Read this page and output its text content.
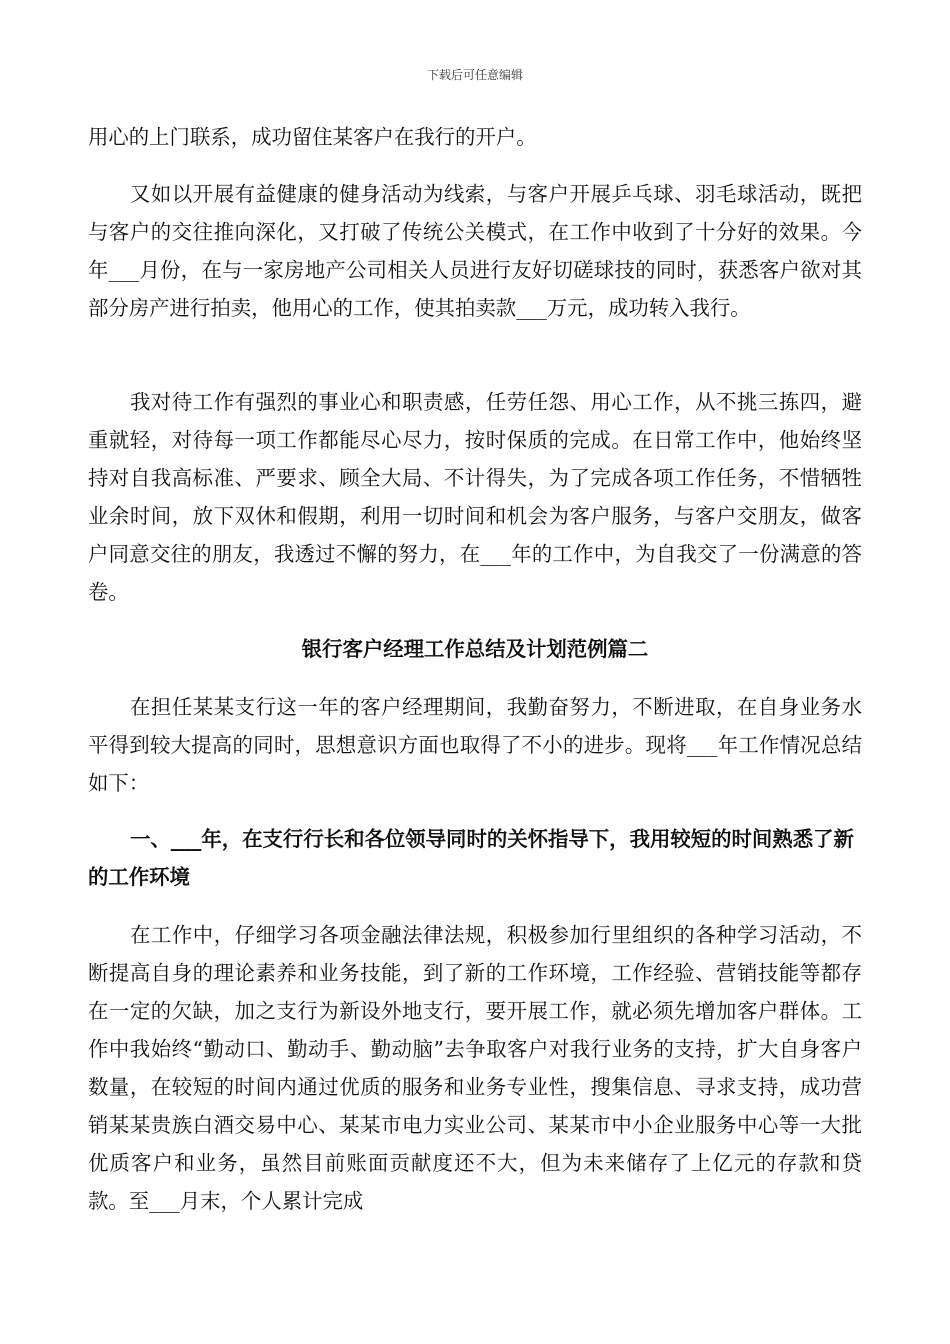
下载后可任意编辑

用心的上门联系，成功留住某客户在我行的开户。

又如以开展有益健康的健身活动为线索，与客户开展乒乓球、羽毛球活动，既把与客户的交往推向深化，又打破了传统公关模式，在工作中收到了十分好的效果。今年___月份，在与一家房地产公司相关人员进行友好切磋球技的同时，获悉客户欲对其部分房产进行拍卖，他用心的工作，使其拍卖款___万元，成功转入我行。

我对待工作有强烈的事业心和职责感，任劳任怨、用心工作，从不挑三拣四，避重就轻，对待每一项工作都能尽心尽力，按时保质的完成。在日常工作中，他始终坚持对自我高标准、严要求、顾全大局、不计得失，为了完成各项工作任务，不惜牺牲业余时间，放下双休和假期，利用一切时间和机会为客户服务，与客户交朋友，做客户同意交往的朋友，我透过不懈的努力，在___年的工作中，为自我交了一份满意的答卷。

银行客户经理工作总结及计划范例篇二

在担任某某支行这一年的客户经理期间，我勤奋努力，不断进取，在自身业务水平得到较大提高的同时，思想意识方面也取得了不小的进步。现将___年工作情况总结如下：

一、___年，在支行行长和各位领导同时的关怀指导下，我用较短的时间熟悉了新的工作环境

在工作中，仔细学习各项金融法律法规，积极参加行里组织的各种学习活动，不断提高自身的理论素养和业务技能，到了新的工作环境，工作经验、营销技能等都存在一定的欠缺，加之支行为新设外地支行，要开展工作，就必须先增加客户群体。工作中我始终“勤动口、勤动手、勤动脑”去争取客户对我行业务的支持，扩大自身客户数量，在较短的时间内通过优质的服务和业务专业性，搜集信息、寻求支持，成功营销某某贵族白酒交易中心、某某市电力实业公司、某某市中小企业服务中心等一大批优质客户和业务，虽然目前账面贡献度还不大，但为未来储存了上亿元的存款和贷款。至___月末，个人累计完成
